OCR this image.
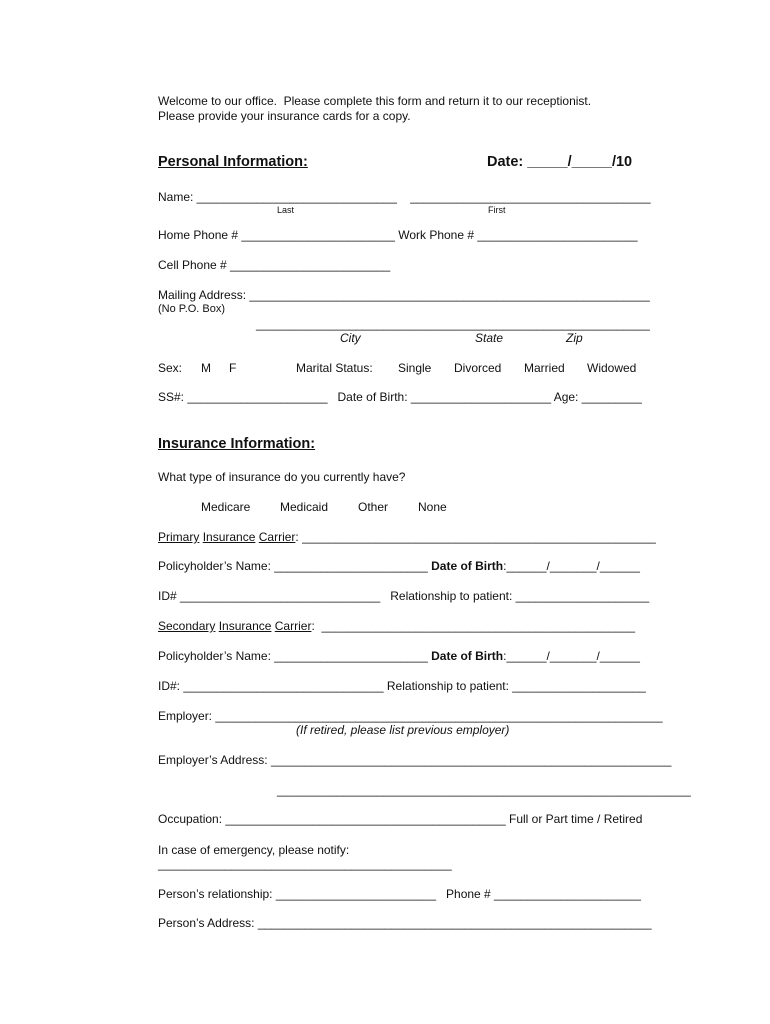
Welcome to our office.  Please complete this form and return it to our receptionist.
Please provide your insurance cards for a copy.
Personal Information:	Date: _____/_____/10
Name: ______________________________    ____________________________________
Last	First
Home Phone # _______________________ Work Phone # ________________________
Cell Phone # ________________________
Mailing Address: ____________________________________________________________
(No P.O. Box)
___________________________________________________________
City	State	Zip
Sex: M F	Marital Status: Single Divorced Married Widowed
SS#: _____________________   Date of Birth: _____________________ Age: _________
Insurance Information:
What type of insurance do you currently have?
Medicare Medicaid Other None
Primary Insurance Carrier: _____________________________________________________
Policyholder’s Name: _______________________ Date of Birth:______/_______/______
ID# ______________________________   Relationship to patient: ____________________
Secondary Insurance Carrier:  _______________________________________________
Policyholder’s Name: _______________________ Date of Birth:______/_______/______
ID#: ______________________________ Relationship to patient: ____________________
Employer: ___________________________________________________________________
(If retired, please list previous employer)
Employer’s Address: ____________________________________________________________
______________________________________________________________
Occupation: __________________________________________ Full or Part time / Retired
In case of emergency, please notify:
____________________________________________
Person’s relationship: ________________________   Phone # ______________________
Person’s Address: ___________________________________________________________
